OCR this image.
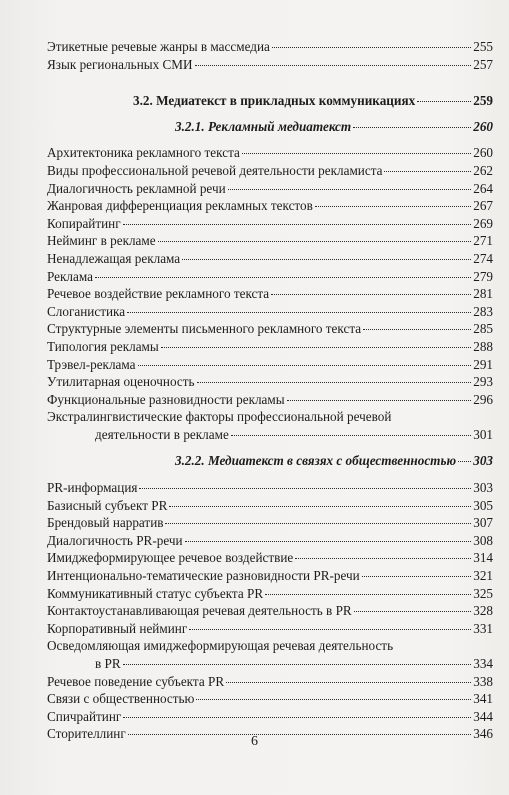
Этикетные речевые жанры в массмедиа	255
Язык региональных СМИ	257
3.2. Медиатекст в прикладных коммуникациях	259
3.2.1. Рекламный медиатекст	260
Архитектоника рекламного текста	260
Виды профессиональной речевой деятельности рекламиста	262
Диалогичность рекламной речи	264
Жанровая дифференциация рекламных текстов	267
Копирайтинг	269
Нейминг в рекламе	271
Ненадлежащая реклама	274
Реклама	279
Речевое воздействие рекламного текста	281
Слоганистика	283
Структурные элементы письменного рекламного текста	285
Типология рекламы	288
Трэвел-реклама	291
Утилитарная оценочность	293
Функциональные разновидности рекламы	296
Экстралингвистические факторы профессиональной речевой
деятельности в рекламе	301
3.2.2. Медиатекст в связях с общественностью 303
PR-информация	303
Базисный субъект PR	305
Брендовый нарратив	307
Диалогичность PR-речи	308
Имиджеформирующее речевое воздействие	314
Интенционально-тематические разновидности PR-речи	321
Коммуникативный статус субъекта PR	325
Контактоустанавливающая речевая деятельность в PR	328
Корпоративный нейминг	331
Осведомляющая имиджеформирующая речевая деятельность
в PR	334
Речевое поведение субъекта PR	338
Связи с общественностью	341
Спичрайтинг	344
Сторителлинг	346
6
